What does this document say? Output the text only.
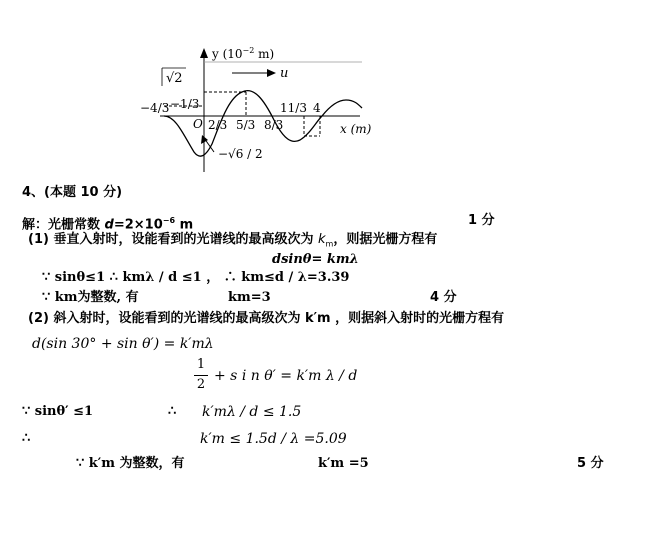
y ($10^{-2}$ m)
u
√2
−1/3
−4/3
O 2/3 5/3 8/3
11/3 4
x (m)
−√6 / 2
4、(本题 10 分)
解：光栅常数 $d=2\times 10^{-6}$ m	1 分
(1) 垂直入射时，设能看到的光谱线的最高级次为 $k_m$，则据光栅方程有
dsinθ= kmλ
∵ sinθ≤1 ∴ kmλ / d ≤1 ， ∴ km≤d / λ=3.39
∵ km为整数, 有	km=3	4 分
(2) 斜入射时，设能看到的光谱线的最高级次为 k′m ，则据斜入射时的光栅方程有
d(sin 30° + sin θ′) = k′mλ
1
2
+ s i n θ′ = k′m λ / d
∵ sinθ′ ≤1	∴ k′mλ / d ≤ 1.5
∴	k′m ≤ 1.5d / λ =5.09
∵ k′m 为整数，有	k′m =5	5 分
